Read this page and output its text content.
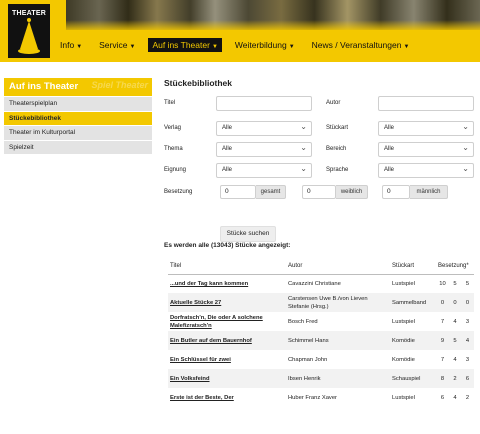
THEATER
Info ▼	Service ▼	Auf ins Theater ▼	Weiterbildung ▼	News / Veranstaltungen ▼
Auf ins Theater Spiel Theater
Theaterspielplan
Stückebibliothek
Theater im Kulturportal
Spielzeit
Stückebibliothek
Titel	Autor
Verlag	Alle ⌄	Stückart	Alle ⌄
Thema	Alle ⌄	Bereich	Alle ⌄
Eignung	Alle ⌄	Sprache	Alle ⌄
Besetzung	0	gesamt	0	weiblich	0	männlich
Stücke suchen
Es werden alle (13043) Stücke angezeigt:
Titel	Autor	Stückart	Besetzung*		
...und der Tag kann kommen	Cavazzini Christiane	Lustspiel	10	5	5
Aktuelle Stücke 27	Carstensen Uwe B./von Lieven Stefanie (Hrsg.)	Sammelband	0	0	0
Dorfratsch'n, Die oder A solchene Malefizratsch'n	Bosch Fred	Lustspiel	7	4	3
Ein Butler auf dem Bauernhof	Schimmel Hans	Komödie	9	5	4
Ein Schlüssel für zwei	Chapman John	Komödie	7	4	3
Ein Volksfeind	Ibsen Henrik	Schauspiel	8	2	6
Erste ist der Beste, Der	Huber Franz Xaver	Lustspiel	6	4	2
